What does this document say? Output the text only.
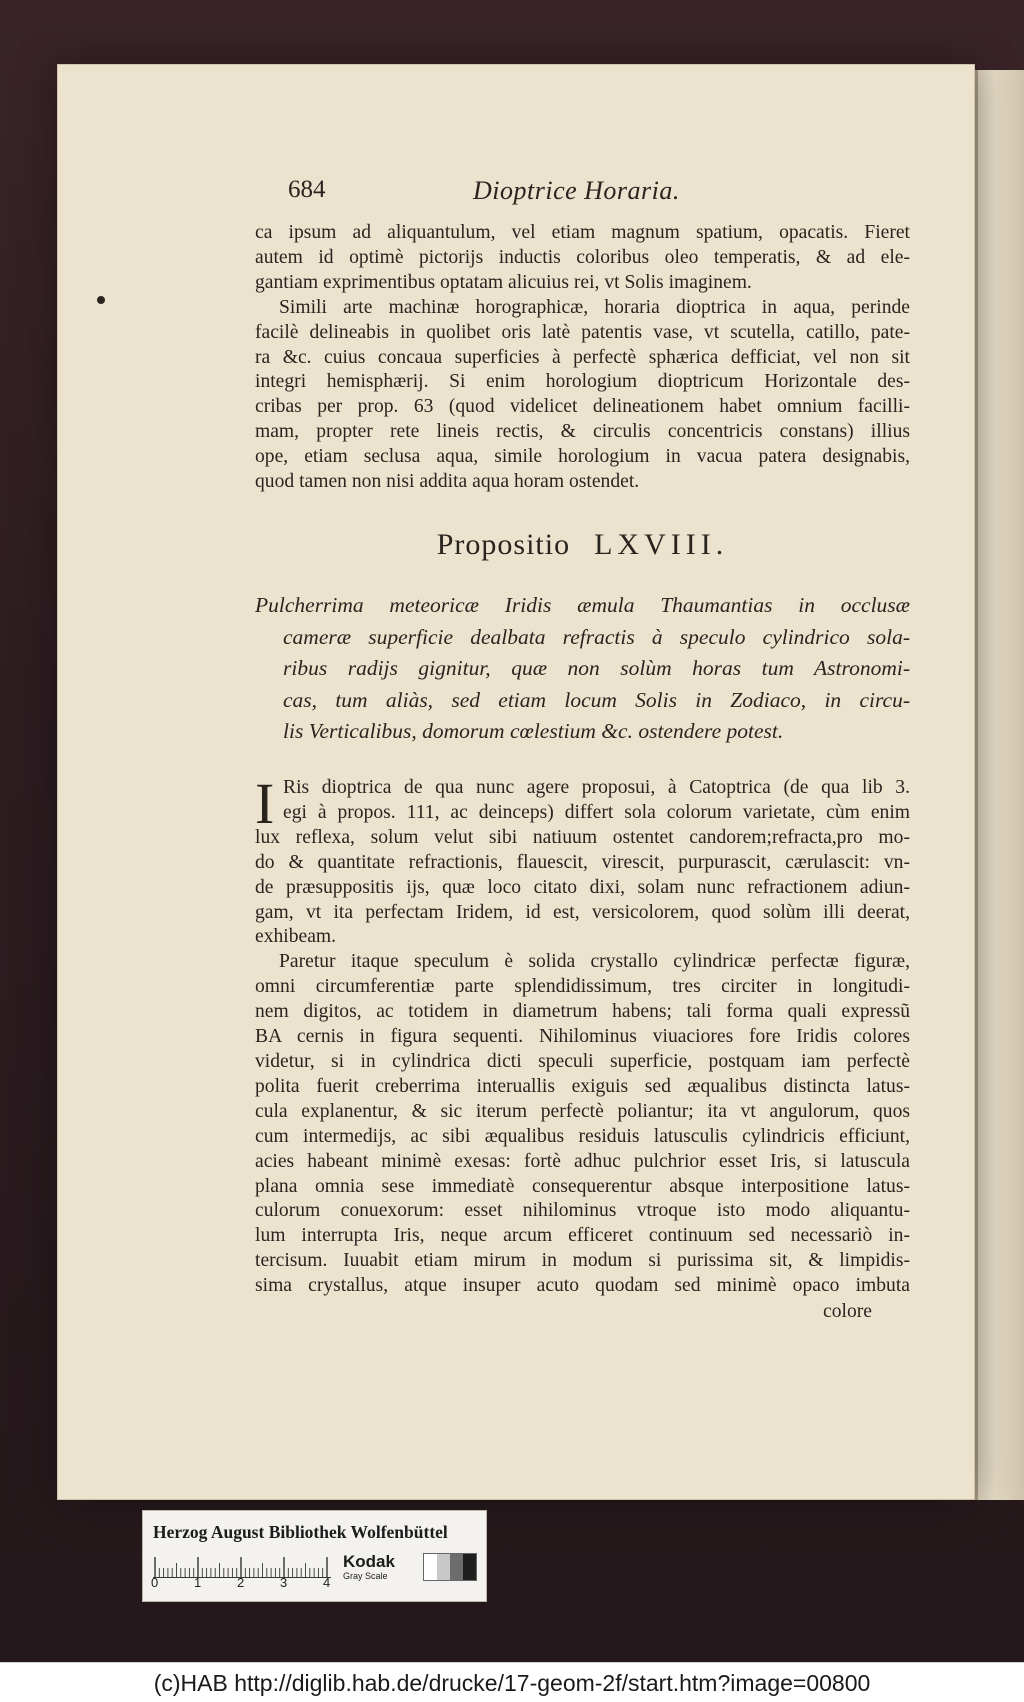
684	Dioptrice Horaria.
ca ipsum ad aliquantulum, vel etiam magnum spatium, opacatis. Fieret
autem id optimè pictorijs inductis coloribus oleo temperatis, & ad ele-
gantiam exprimentibus optatam alicuius rei, vt Solis imaginem.
Simili arte machinæ horographicæ, horaria dioptrica in aqua, perinde
facilè delineabis in quolibet oris latè patentis vase, vt scutella, catillo, pate-
ra &c. cuius concaua superficies à perfectè sphærica defficiat, vel non sit
integri hemisphærij. Si enim horologium dioptricum Horizontale des-
cribas per prop. 63 (quod videlicet delineationem habet omnium facilli-
mam, propter rete lineis rectis, & circulis concentricis constans) illius
ope, etiam seclusa aqua, simile horologium in vacua patera designabis,
quod tamen non nisi addita aqua horam ostendet.
Propositio LXVIII.
Pulcherrima meteoricæ Iridis æmula Thaumantias in occlusæ
cameræ superficie dealbata refractis à speculo cylindrico sola-
ribus radijs gignitur, quæ non solùm horas tum Astronomi-
cas, tum aliàs, sed etiam locum Solis in Zodiaco, in circu-
lis Verticalibus, domorum cœlestium &c. ostendere potest.
I Ris dioptrica de qua nunc agere proposui, à Catoptrica (de qua lib 3.
egi à propos. 111, ac deinceps) differt sola colorum varietate, cùm enim
lux reflexa, solum velut sibi natiuum ostentet candorem;refracta,pro mo-
do & quantitate refractionis, flauescit, virescit, purpurascit, cærulascit: vn-
de præsuppositis ijs, quæ loco citato dixi, solam nunc refractionem adiun-
gam, vt ita perfectam Iridem, id est, versicolorem, quod solùm illi deerat,
exhibeam.
Paretur itaque speculum è solida crystallo cylindricæ perfectæ figuræ,
omni circumferentiæ parte splendidissimum, tres circiter in longitudi-
nem digitos, ac totidem in diametrum habens; tali forma quali expressũ
BA cernis in figura sequenti. Nihilominus viuaciores fore Iridis colores
videtur, si in cylindrica dicti speculi superficie, postquam iam perfectè
polita fuerit creberrima interuallis exiguis sed æqualibus distincta latus-
cula explanentur, & sic iterum perfectè poliantur; ita vt angulorum, quos
cum intermedijs, ac sibi æqualibus residuis latusculis cylindricis efficiunt,
acies habeant minimè exesas: fortè adhuc pulchrior esset Iris, si latuscula
plana omnia sese immediatè consequerentur absque interpositione latus-
culorum conuexorum: esset nihilominus vtroque isto modo aliquantu-
lum interrupta Iris, neque arcum efficeret continuum sed necessariò in-
tercisum. Iuuabit etiam mirum in modum si purissima sit, & limpidis-
sima crystallus, atque insuper acuto quodam sed minimè opaco imbuta
colore
Herzog August Bibliothek Wolfenbüttel
0	1	2	3	4
Kodak
Gray Scale
(c)HAB http://diglib.hab.de/drucke/17-geom-2f/start.htm?image=00800
